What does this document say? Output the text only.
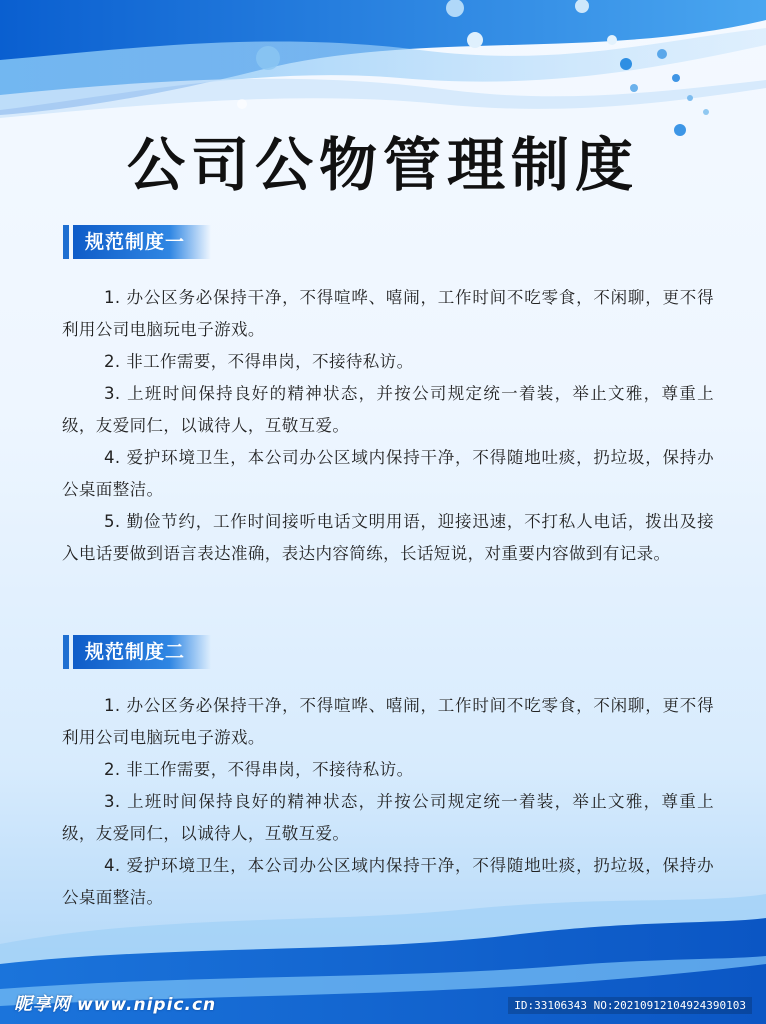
公司公物管理制度
规范制度一
1. 办公区务必保持干净，不得喧哗、嘻闹，工作时间不吃零食，不闲聊，更不得利用公司电脑玩电子游戏。
2. 非工作需要，不得串岗，不接待私访。
3. 上班时间保持良好的精神状态，并按公司规定统一着装，举止文雅，尊重上级，友爱同仁，以诚待人，互敬互爱。
4. 爱护环境卫生，本公司办公区域内保持干净，不得随地吐痰，扔垃圾，保持办公桌面整洁。
5. 勤俭节约，工作时间接听电话文明用语，迎接迅速，不打私人电话，拨出及接入电话要做到语言表达准确，表达内容简练，长话短说，对重要内容做到有记录。
规范制度二
1. 办公区务必保持干净，不得喧哗、嘻闹，工作时间不吃零食，不闲聊，更不得利用公司电脑玩电子游戏。
2. 非工作需要，不得串岗，不接待私访。
3. 上班时间保持良好的精神状态，并按公司规定统一着装，举止文雅，尊重上级，友爱同仁，以诚待人，互敬互爱。
4. 爱护环境卫生，本公司办公区域内保持干净，不得随地吐痰，扔垃圾，保持办公桌面整洁。
昵享网 www.nipic.cn	ID:33106343 NO:20210912104924390103
